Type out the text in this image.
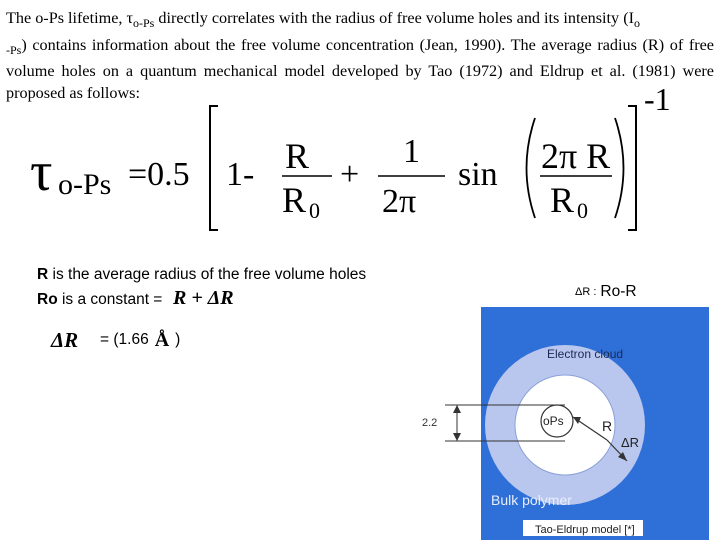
The o-Ps lifetime, $\tau_{o-Ps}$ directly correlates with the radius of free volume holes and its intensity ($I_o$
$_{-Ps}$) contains information about the free volume concentration (Jean, 1990). The average radius (R) of free volume holes on a quantum mechanical model developed by Tao (1972) and Eldrup et al. (1981) were proposed as follows:

τ o-Ps =0.5 1- R
R 0
+
1
2π
sin 2π R
R 0
-1
R is the average radius of the free volume holes
Ro is a constant = R + ΔR
ΔR = (1.66 Å )
ΔR : Ro-R
oPs	R
ΔR
Electron cloud
2.2
Bulk polymer
Tao-Eldrup model [*]
